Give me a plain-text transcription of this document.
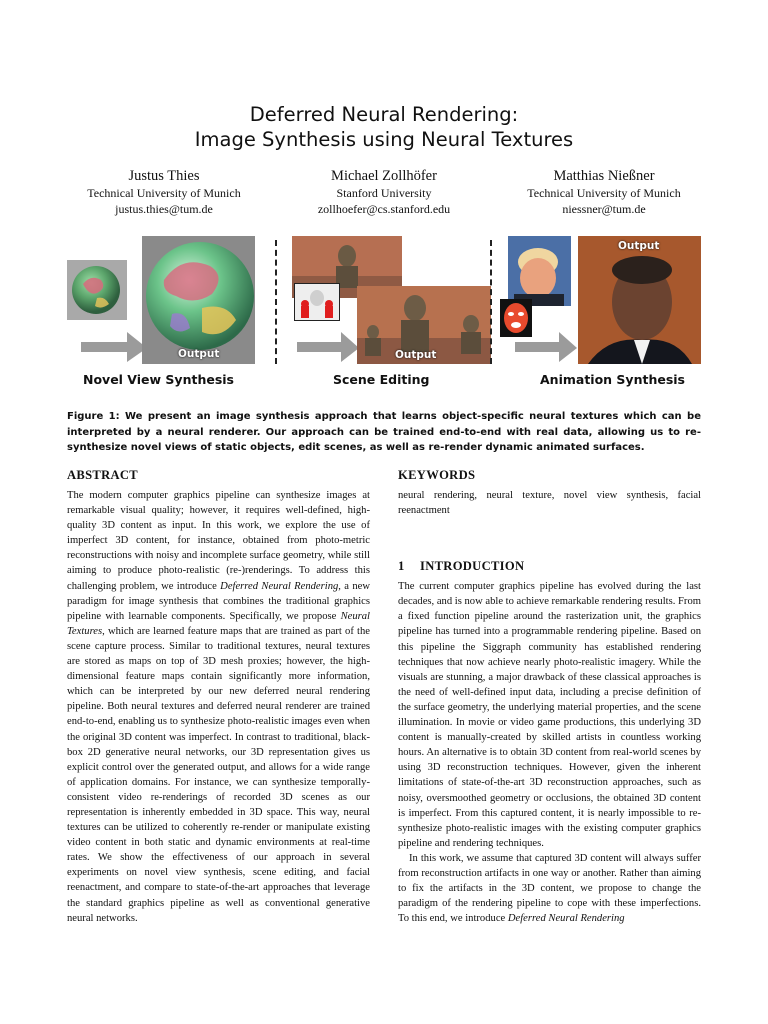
Deferred Neural Rendering:
Image Synthesis using Neural Textures
Justus Thies
Technical University of Munich
justus.thies@tum.de
Michael Zollhöfer
Stanford University
zollhoefer@cs.stanford.edu
Matthias Nießner
Technical University of Munich
niessner@tum.de
Output
Novel View Synthesis
Output
Scene Editing
Output
Animation Synthesis
Figure 1: We present an image synthesis approach that learns object-specific neural textures which can be interpreted by a neural renderer. Our approach can be trained end-to-end with real data, allowing us to re-synthesize novel views of static objects, edit scenes, as well as re-render dynamic animated surfaces.
ABSTRACT

The modern computer graphics pipeline can synthesize images at remarkable visual quality; however, it requires well-defined, high-quality 3D content as input. In this work, we explore the use of imperfect 3D content, for instance, obtained from photo-metric reconstructions with noisy and incomplete surface geometry, while still aiming to produce photo-realistic (re-)renderings. To address this challenging problem, we introduce Deferred Neural Rendering, a new paradigm for image synthesis that combines the traditional graphics pipeline with learnable components. Specifically, we propose Neural Textures, which are learned feature maps that are trained as part of the scene capture process. Similar to traditional textures, neural textures are stored as maps on top of 3D mesh proxies; however, the high-dimensional feature maps contain significantly more information, which can be interpreted by our new deferred neural rendering pipeline. Both neural textures and deferred neural renderer are trained end-to-end, enabling us to synthesize photo-realistic images even when the original 3D content was imperfect. In contrast to traditional, black-box 2D generative neural networks, our 3D representation gives us explicit control over the generated output, and allows for a wide range of application domains. For instance, we can synthesize temporally-consistent video re-renderings of recorded 3D scenes as our representation is inherently embedded in 3D space. This way, neural textures can be utilized to coherently re-render or manipulate existing video content in both static and dynamic environments at real-time rates. We show the effectiveness of our approach in several experiments on novel view synthesis, scene editing, and facial reenactment, and compare to state-of-the-art approaches that leverage the standard graphics pipeline as well as conventional generative neural networks.

KEYWORDS

neural rendering, neural texture, novel view synthesis, facial reenactment

1 INTRODUCTION

The current computer graphics pipeline has evolved during the last decades, and is now able to achieve remarkable rendering results. From a fixed function pipeline around the rasterization unit, the graphics pipeline has turned into a programmable rendering pipeline. Based on this pipeline the Siggraph community has established rendering techniques that now achieve nearly photo-realistic imagery. While the visuals are stunning, a major drawback of these classical approaches is the need of well-defined input data, including a precise definition of the surface geometry, the underlying material properties, and the scene illumination. In movie or video game productions, this underlying 3D content is manually-created by skilled artists in countless working hours. An alternative is to obtain 3D content from real-world scenes by using 3D reconstruction techniques. However, given the inherent limitations of state-of-the-art 3D reconstruction approaches, such as noisy, oversmoothed geometry or occlusions, the obtained 3D content is imperfect. From this captured content, it is nearly impossible to re-synthesize photo-realistic images with the existing computer graphics pipeline and rendering techniques.

In this work, we assume that captured 3D content will always suffer from reconstruction artifacts in one way or another. Rather than aiming to fix the artifacts in the 3D content, we propose to change the paradigm of the rendering pipeline to cope with these imperfections. To this end, we introduce Deferred Neural Rendering
